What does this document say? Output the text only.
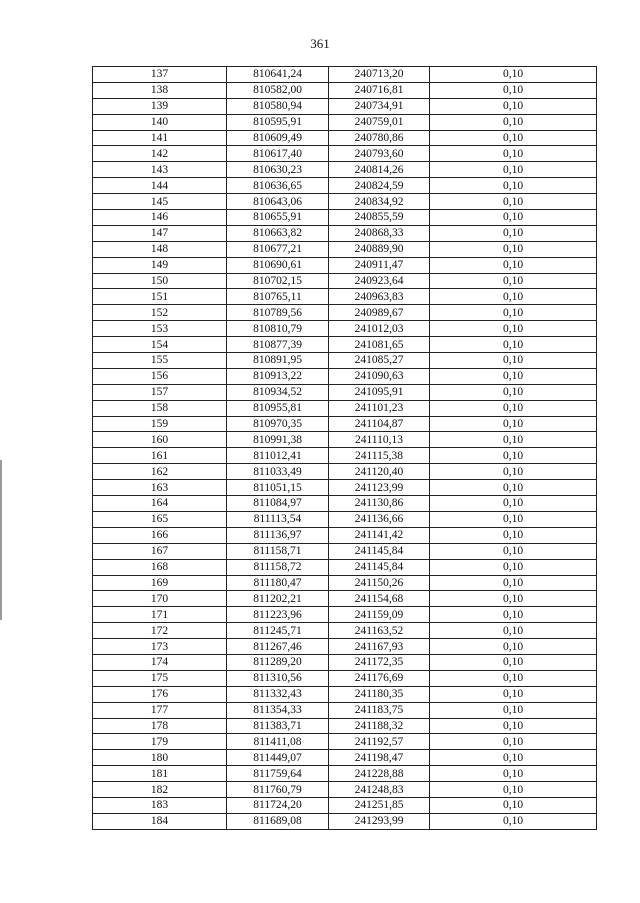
361
137	810641,24	240713,20	0,10
138	810582,00	240716,81	0,10
139	810580,94	240734,91	0,10
140	810595,91	240759,01	0,10
141	810609,49	240780,86	0,10
142	810617,40	240793,60	0,10
143	810630,23	240814,26	0,10
144	810636,65	240824,59	0,10
145	810643,06	240834,92	0,10
146	810655,91	240855,59	0,10
147	810663,82	240868,33	0,10
148	810677,21	240889,90	0,10
149	810690,61	240911,47	0,10
150	810702,15	240923,64	0,10
151	810765,11	240963,83	0,10
152	810789,56	240989,67	0,10
153	810810,79	241012,03	0,10
154	810877,39	241081,65	0,10
155	810891,95	241085,27	0,10
156	810913,22	241090,63	0,10
157	810934,52	241095,91	0,10
158	810955,81	241101,23	0,10
159	810970,35	241104,87	0,10
160	810991,38	241110,13	0,10
161	811012,41	241115,38	0,10
162	811033,49	241120,40	0,10
163	811051,15	241123,99	0,10
164	811084,97	241130,86	0,10
165	811113,54	241136,66	0,10
166	811136,97	241141,42	0,10
167	811158,71	241145,84	0,10
168	811158,72	241145,84	0,10
169	811180,47	241150,26	0,10
170	811202,21	241154,68	0,10
171	811223,96	241159,09	0,10
172	811245,71	241163,52	0,10
173	811267,46	241167,93	0,10
174	811289,20	241172,35	0,10
175	811310,56	241176,69	0,10
176	811332,43	241180,35	0,10
177	811354,33	241183,75	0,10
178	811383,71	241188,32	0,10
179	811411,08	241192,57	0,10
180	811449,07	241198,47	0,10
181	811759,64	241228,88	0,10
182	811760,79	241248,83	0,10
183	811724,20	241251,85	0,10
184	811689,08	241293,99	0,10
